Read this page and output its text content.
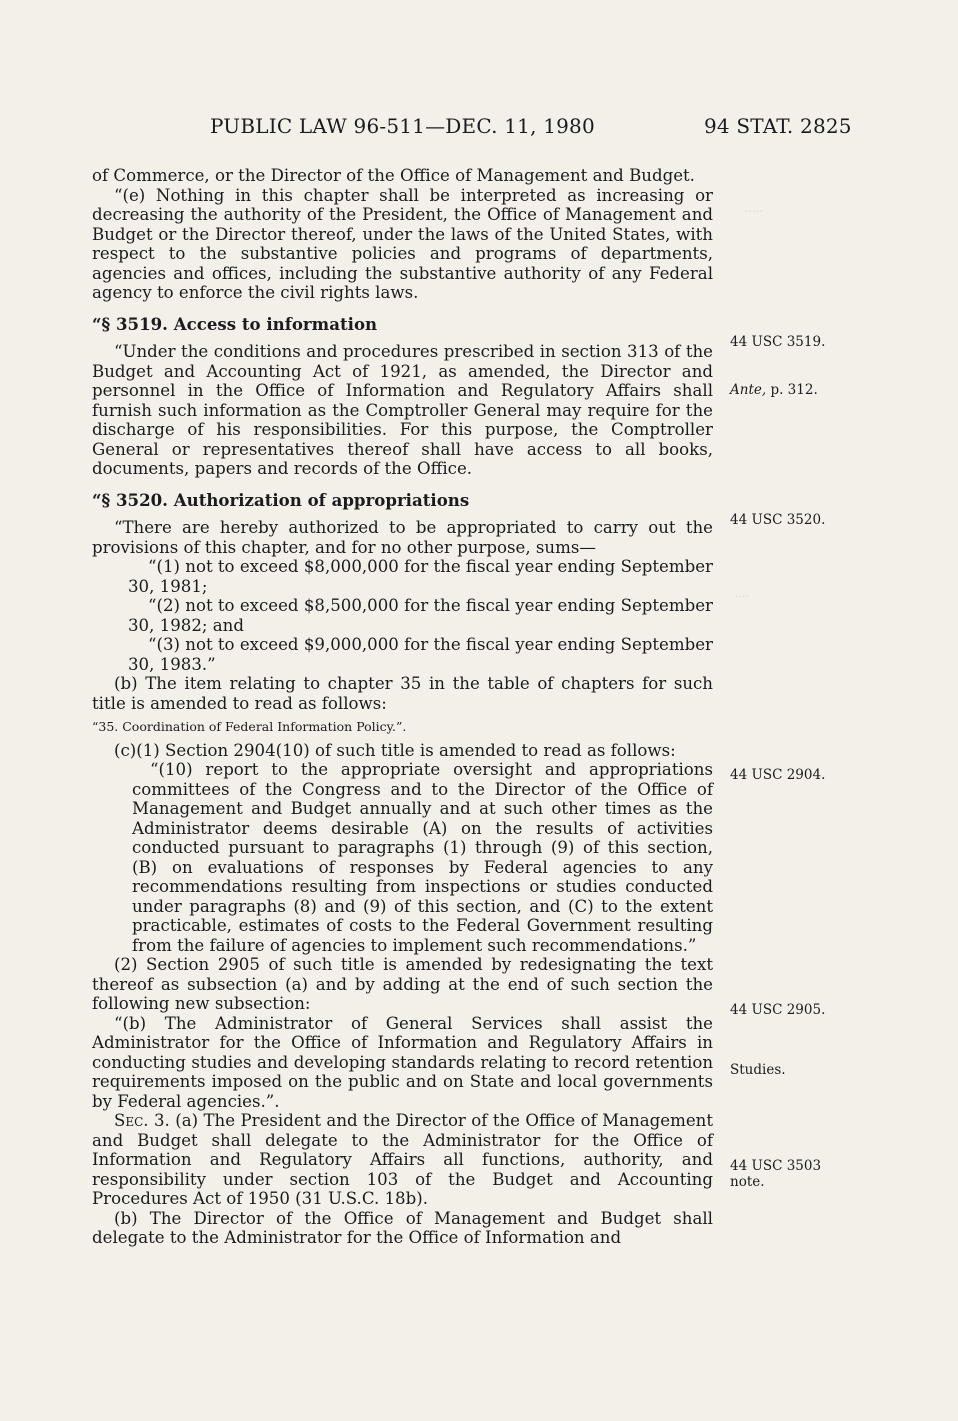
·····
····
PUBLIC LAW 96-511—DEC. 11, 1980	94 STAT. 2825

of Commerce, or the Director of the Office of Management and Budget.

“(e) Nothing in this chapter shall be interpreted as increasing or decreasing the authority of the President, the Office of Management and Budget or the Director thereof, under the laws of the United States, with respect to the substantive policies and programs of departments, agencies and offices, including the substantive authority of any Federal agency to enforce the civil rights laws.

“§ 3519. Access to information

“Under the conditions and procedures prescribed in section 313 of the Budget and Accounting Act of 1921, as amended, the Director and personnel in the Office of Information and Regulatory Affairs shall furnish such information as the Comptroller General may require for the discharge of his responsibilities. For this purpose, the Comptroller General or representatives thereof shall have access to all books, documents, papers and records of the Office.

“§ 3520. Authorization of appropriations

“There are hereby authorized to be appropriated to carry out the provisions of this chapter, and for no other purpose, sums—

“(1) not to exceed $8,000,000 for the fiscal year ending September 30, 1981;

“(2) not to exceed $8,500,000 for the fiscal year ending September 30, 1982; and

“(3) not to exceed $9,000,000 for the fiscal year ending September 30, 1983.”

(b) The item relating to chapter 35 in the table of chapters for such title is amended to read as follows:

“35. Coordination of Federal Information Policy.”.

(c)(1) Section 2904(10) of such title is amended to read as follows:

“(10) report to the appropriate oversight and appropriations committees of the Congress and to the Director of the Office of Management and Budget annually and at such other times as the Administrator deems desirable (A) on the results of activities conducted pursuant to paragraphs (1) through (9) of this section, (B) on evaluations of responses by Federal agencies to any recommendations resulting from inspections or studies conducted under paragraphs (8) and (9) of this section, and (C) to the extent practicable, estimates of costs to the Federal Government resulting from the failure of agencies to implement such recommendations.”

(2) Section 2905 of such title is amended by redesignating the text thereof as subsection (a) and by adding at the end of such section the following new subsection:

“(b) The Administrator of General Services shall assist the Administrator for the Office of Information and Regulatory Affairs in conducting studies and developing standards relating to record retention requirements imposed on the public and on State and local governments by Federal agencies.”.

Sec. 3. (a) The President and the Director of the Office of Management and Budget shall delegate to the Administrator for the Office of Information and Regulatory Affairs all functions, authority, and responsibility under section 103 of the Budget and Accounting Procedures Act of 1950 (31 U.S.C. 18b).

(b) The Director of the Office of Management and Budget shall delegate to the Administrator for the Office of Information and

44 USC 3519.
Ante, p. 312.
44 USC 3520.
44 USC 2904.
44 USC 2905.
Studies.
44 USC 3503
note.
